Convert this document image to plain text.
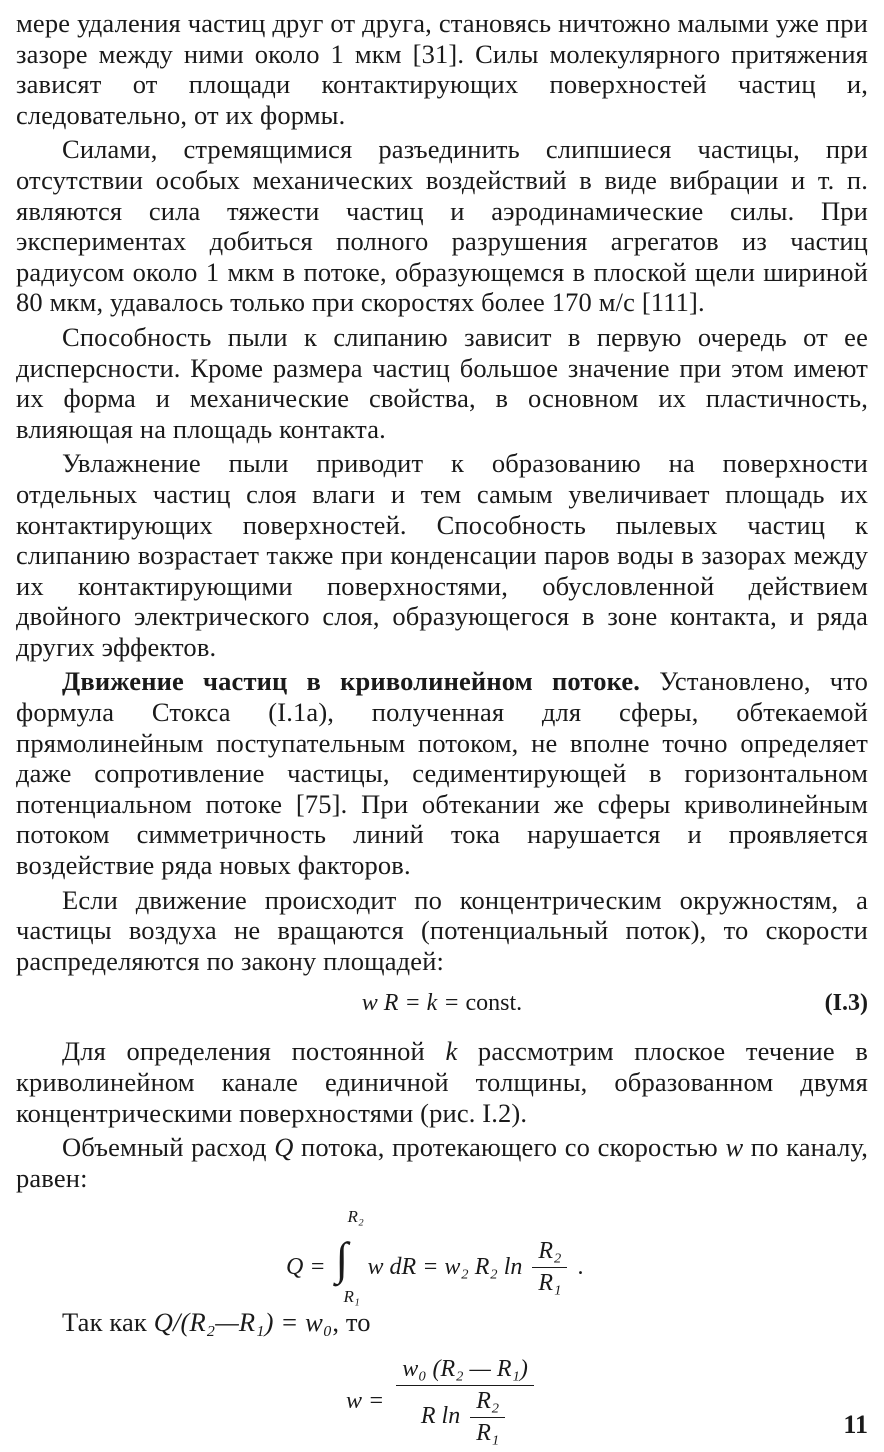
мере удаления частиц друг от друга, становясь ничтожно малыми уже при зазоре между ними около 1 мкм [31]. Силы молекулярного притяжения зависят от площади контактирующих поверхностей частиц и, следовательно, от их формы.

Силами, стремящимися разъединить слипшиеся частицы, при отсутствии особых механических воздействий в виде вибрации и т. п. являются сила тяжести частиц и аэродинамические силы. При экспериментах добиться полного разрушения агрегатов из частиц радиусом около 1 мкм в потоке, образующемся в плоской щели шириной 80 мкм, удавалось только при скоростях более 170 м/с [111].

Способность пыли к слипанию зависит в первую очередь от ее дисперсности. Кроме размера частиц большое значение при этом имеют их форма и механические свойства, в основном их пластичность, влияющая на площадь контакта.

Увлажнение пыли приводит к образованию на поверхности отдельных частиц слоя влаги и тем самым увеличивает площадь их контактирующих поверхностей. Способность пылевых частиц к слипанию возрастает также при конденсации паров воды в зазорах между их контактирующими поверхностями, обусловленной действием двойного электрического слоя, образующегося в зоне контакта, и ряда других эффектов.

Движение частиц в криволинейном потоке. Установлено, что формула Стокса (I.1а), полученная для сферы, обтекаемой прямолинейным поступательным потоком, не вполне точно определяет даже сопротивление частицы, седиментирующей в горизонтальном потенциальном потоке [75]. При обтекании же сферы криволинейным потоком симметричность линий тока нарушается и проявляется воздействие ряда новых факторов.

Если движение происходит по концентрическим окружностям, а частицы воздуха не вращаются (потенциальный поток), то скорости распределяются по закону площадей:

w R = k = const.	(I.3)

Для определения постоянной k рассмотрим плоское течение в криволинейном канале единичной толщины, образованном двумя концентрическими поверхностями (рис. I.2).

Объемный расход Q потока, протекающего со скоростью w по каналу, равен:

Q =
R₂
∫
R₁
w dR = w₂ R₂ $\ln \frac{\text{R₂}}{\text{R₁}}$ .

Так как Q/(R₂—R₁) = w₀, то

$w = \frac{\text{w₀ (R₂ — R₁)}}{R \ln \frac{\text{R₂}}{\text{R₁}}}$	11
